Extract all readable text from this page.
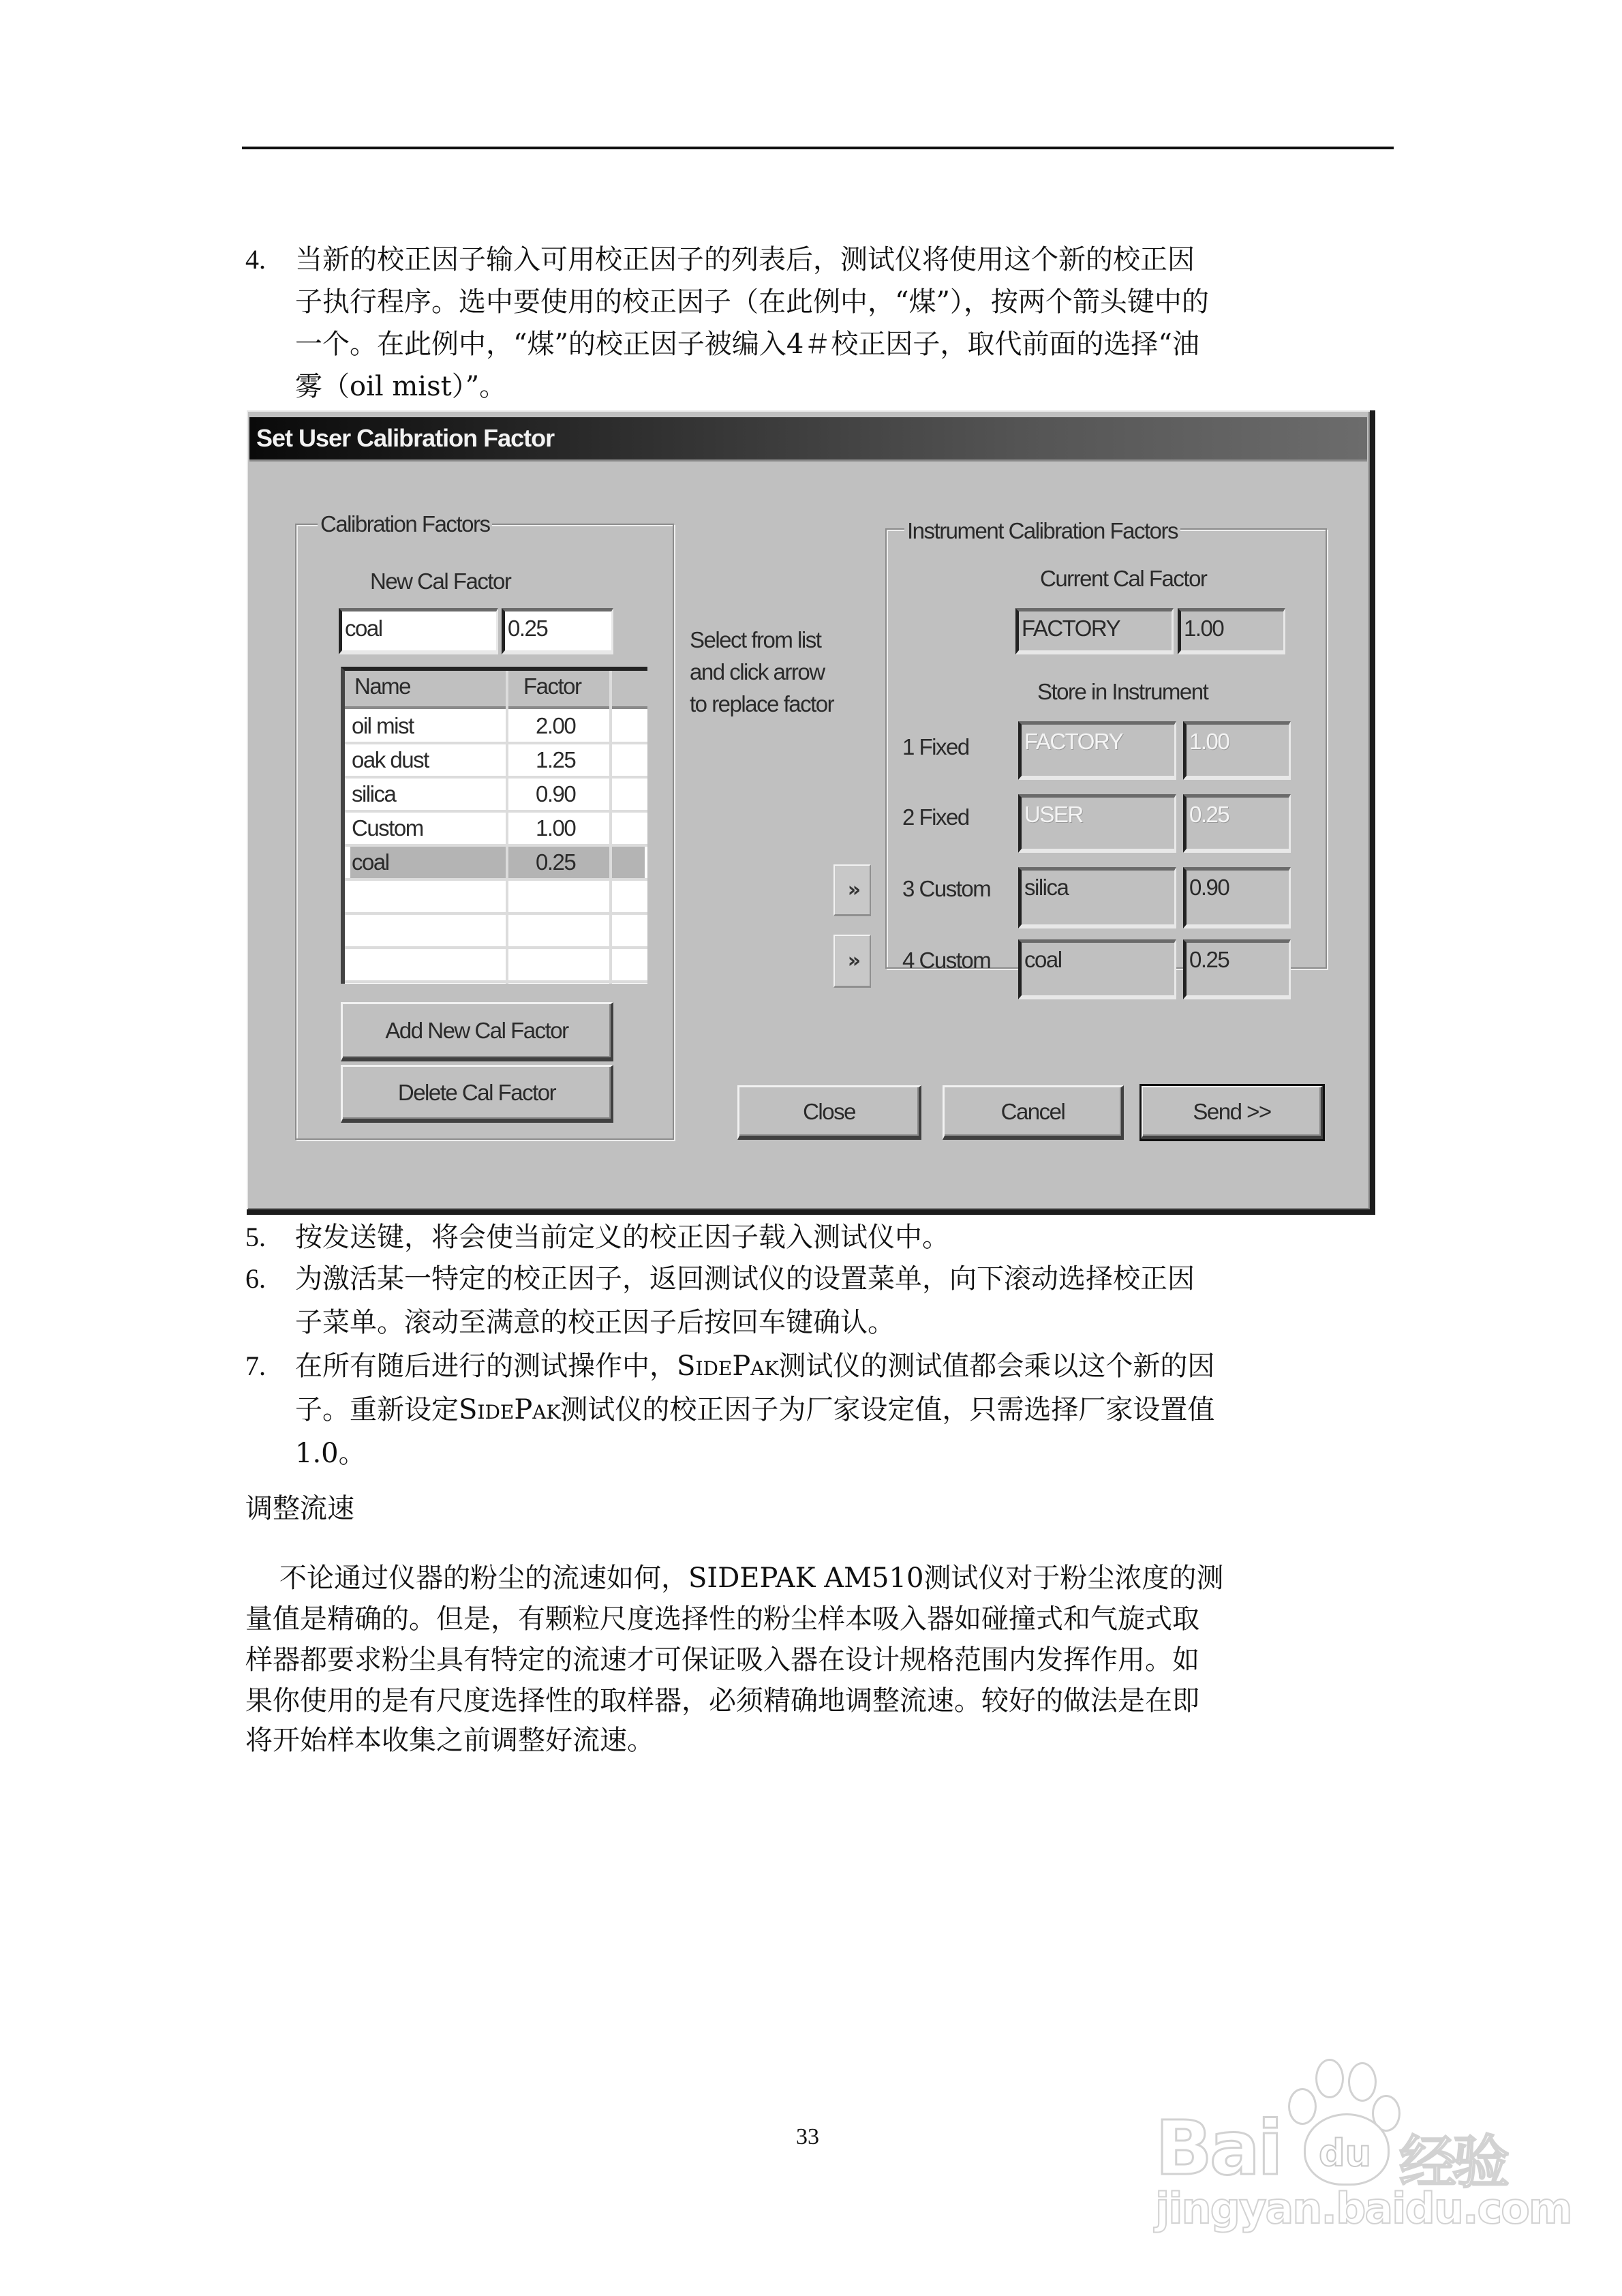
4. 当新的校正因子输入可用校正因子的列表后，测试仪将使用这个新的校正因
子执行程序。选中要使用的校正因子（在此例中，“煤”），按两个箭头键中的
一个。在此例中，“煤”的校正因子被编入4＃校正因子，取代前面的选择“油
雾（oil mist）”。
Set User Calibration Factor
Calibration Factors
New Cal Factor
coal	0.25
Name	Factor
oil mist	2.00
oak dust	1.25
silica	0.90
Custom	1.00
coal	0.25
Add New Cal Factor
Delete Cal Factor
Select from list
and click arrow
to replace factor
»
»
Instrument Calibration Factors
Current Cal Factor
FACTORY	1.00
Store in Instrument
1 Fixed FACTORY	1.00
2 Fixed USER	0.25
3 Custom silica	0.90
4 Custom coal	0.25
Close	Cancel	Send >>
5. 按发送键，将会使当前定义的校正因子载入测试仪中。
6. 为激活某一特定的校正因子，返回测试仪的设置菜单，向下滚动选择校正因
子菜单。滚动至满意的校正因子后按回车键确认。
7. 在所有随后进行的测试操作中，SidePak测试仪的测试值都会乘以这个新的因
子。重新设定SidePak测试仪的校正因子为厂家设定值，只需选择厂家设置值
1.0。
调整流速
不论通过仪器的粉尘的流速如何，SIDEPAK AM510测试仪对于粉尘浓度的测
量值是精确的。但是，有颗粒尺度选择性的粉尘样本吸入器如碰撞式和气旋式取
样器都要求粉尘具有特定的流速才可保证吸入器在设计规格范围内发挥作用。如
果你使用的是有尺度选择性的取样器，必须精确地调整流速。较好的做法是在即
将开始样本收集之前调整好流速。
33	Bai du 经验
jingyan.baidu.com
